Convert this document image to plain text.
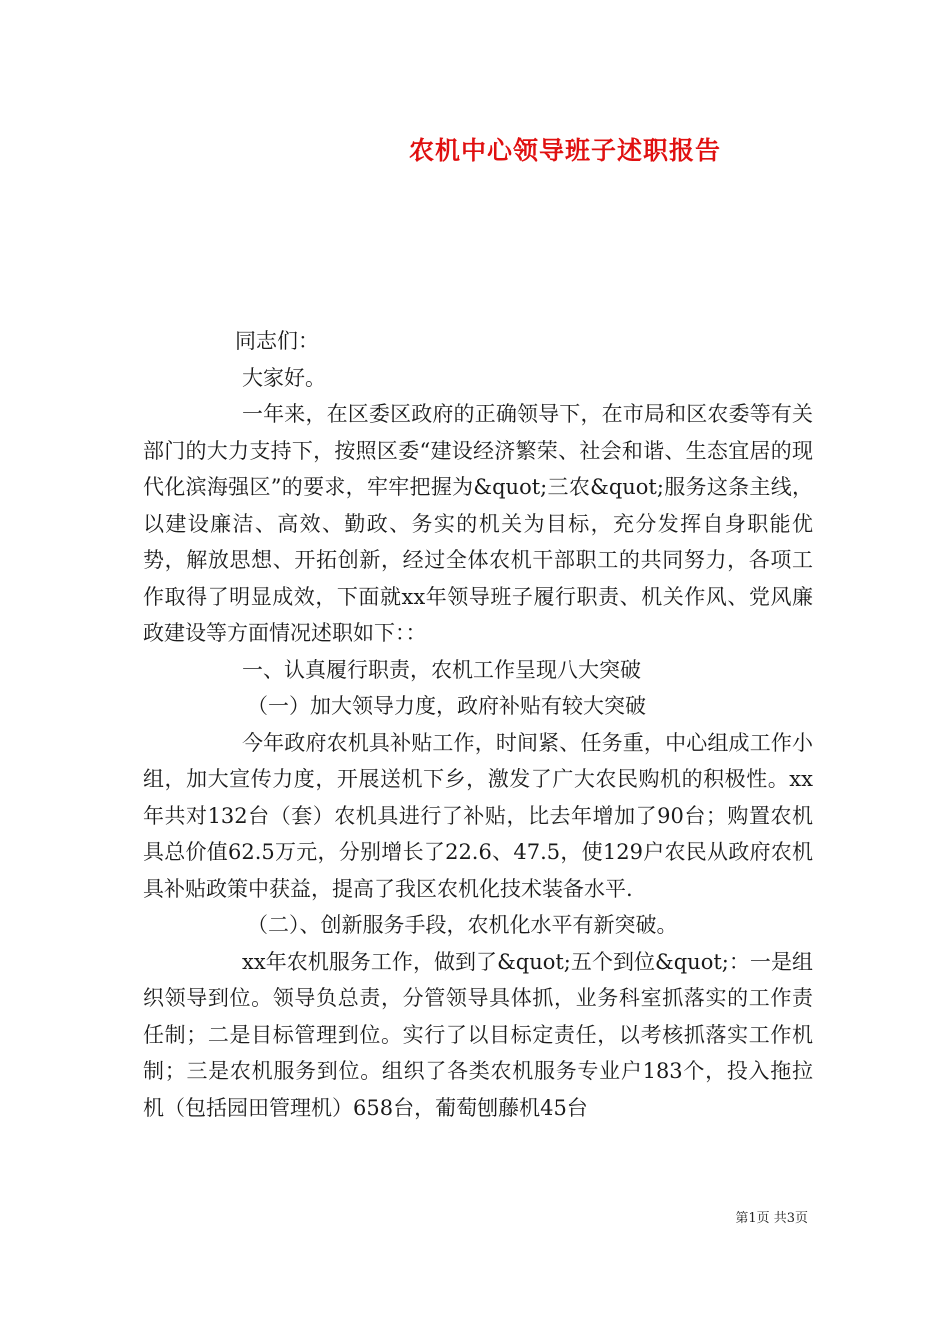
农机中心领导班子述职报告

同志们：

大家好。

一年来，在区委区政府的正确领导下，在市局和区农委等有关部门的大力支持下，按照区委“建设经济繁荣、社会和谐、生态宜居的现代化滨海强区”的要求，牢牢把握为&quot;三农&quot;服务这条主线，以建设廉洁、高效、勤政、务实的机关为目标，充分发挥自身职能优势，解放思想、开拓创新，经过全体农机干部职工的共同努力，各项工作取得了明显成效，下面就xx年领导班子履行职责、机关作风、党风廉政建设等方面情况述职如下：：

一、认真履行职责，农机工作呈现八大突破

（一）加大领导力度，政府补贴有较大突破

今年政府农机具补贴工作，时间紧、任务重，中心组成工作小组，加大宣传力度，开展送机下乡，激发了广大农民购机的积极性。xx年共对132台（套）农机具进行了补贴，比去年增加了90台；购置农机具总价值62.5万元，分别增长了22.6、47.5，使129户农民从政府农机具补贴政策中获益，提高了我区农机化技术装备水平.

（二）、创新服务手段，农机化水平有新突破。

xx年农机服务工作，做到了&quot;五个到位&quot;：一是组织领导到位。领导负总责，分管领导具体抓，业务科室抓落实的工作责任制；二是目标管理到位。实行了以目标定责任，以考核抓落实工作机制；三是农机服务到位。组织了各类农机服务专业户183个，投入拖拉机（包括园田管理机）658台，葡萄刨藤机45台

第1页 共3页
